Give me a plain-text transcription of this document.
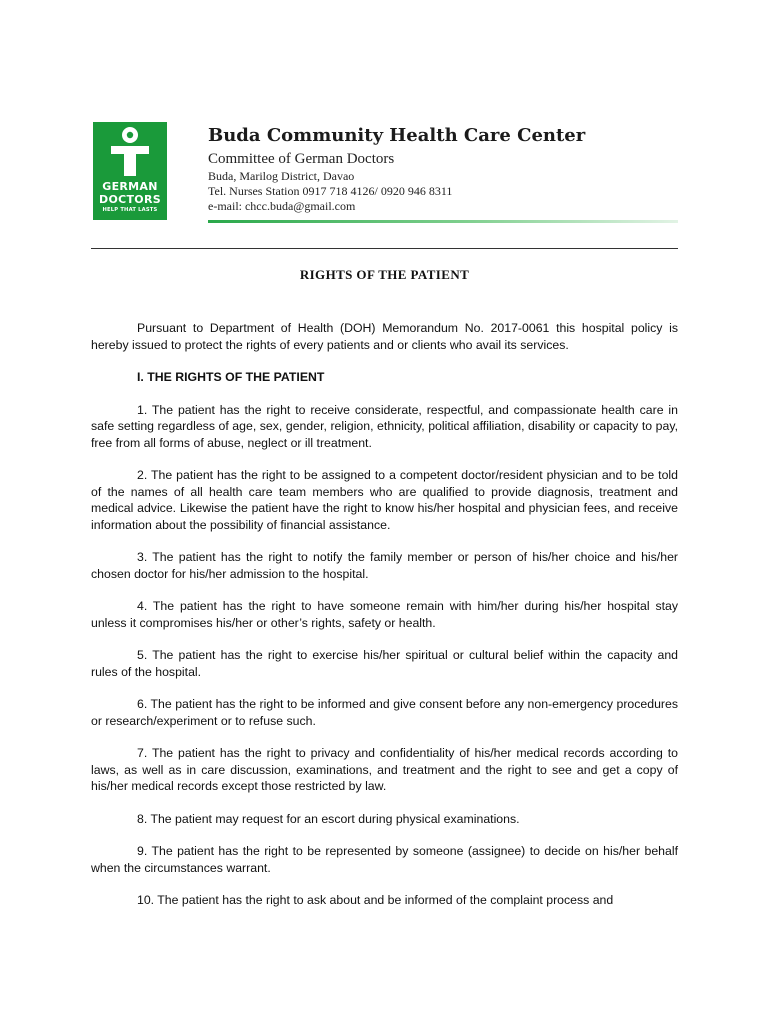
GERMAN
DOCTORS
HELP THAT LASTS
Buda Community Health Care Center
Committee of German Doctors
Buda, Marilog District, Davao
Tel. Nurses Station 0917 718 4126/ 0920 946 8311
e-mail: chcc.buda@gmail.com
RIGHTS OF THE PATIENT

Pursuant to Department of Health (DOH) Memorandum No. 2017-0061 this hospital policy is hereby issued to protect the rights of every patients and or clients who avail its services.

I. THE RIGHTS OF THE PATIENT

1. The patient has the right to receive considerate, respectful, and compassionate health care in safe setting regardless of age, sex, gender, religion, ethnicity, political affiliation, disability or capacity to pay, free from all forms of abuse, neglect or ill treatment.

2. The patient has the right to be assigned to a competent doctor/resident physician and to be told of the names of all health care team members who are qualified to provide diagnosis, treatment and medical advice. Likewise the patient have the right to know his/her hospital and physician fees, and receive information about the possibility of financial assistance.

3. The patient has the right to notify the family member or person of his/her choice and his/her chosen doctor for his/her admission to the hospital.

4. The patient has the right to have someone remain with him/her during his/her hospital stay unless it compromises his/her or other’s rights, safety or health.

5. The patient has the right to exercise his/her spiritual or cultural belief within the capacity and rules of the hospital.

6. The patient has the right to be informed and give consent before any non-emergency procedures or research/experiment or to refuse such.

7. The patient has the right to privacy and confidentiality of his/her medical records according to laws, as well as in care discussion, examinations, and treatment and the right to see and get a copy of his/her medical records except those restricted by law.

8. The patient may request for an escort during physical examinations.

9. The patient has the right to be represented by someone (assignee) to decide on his/her behalf when the circumstances warrant.

10. The patient has the right to ask about and be informed of the complaint process and
